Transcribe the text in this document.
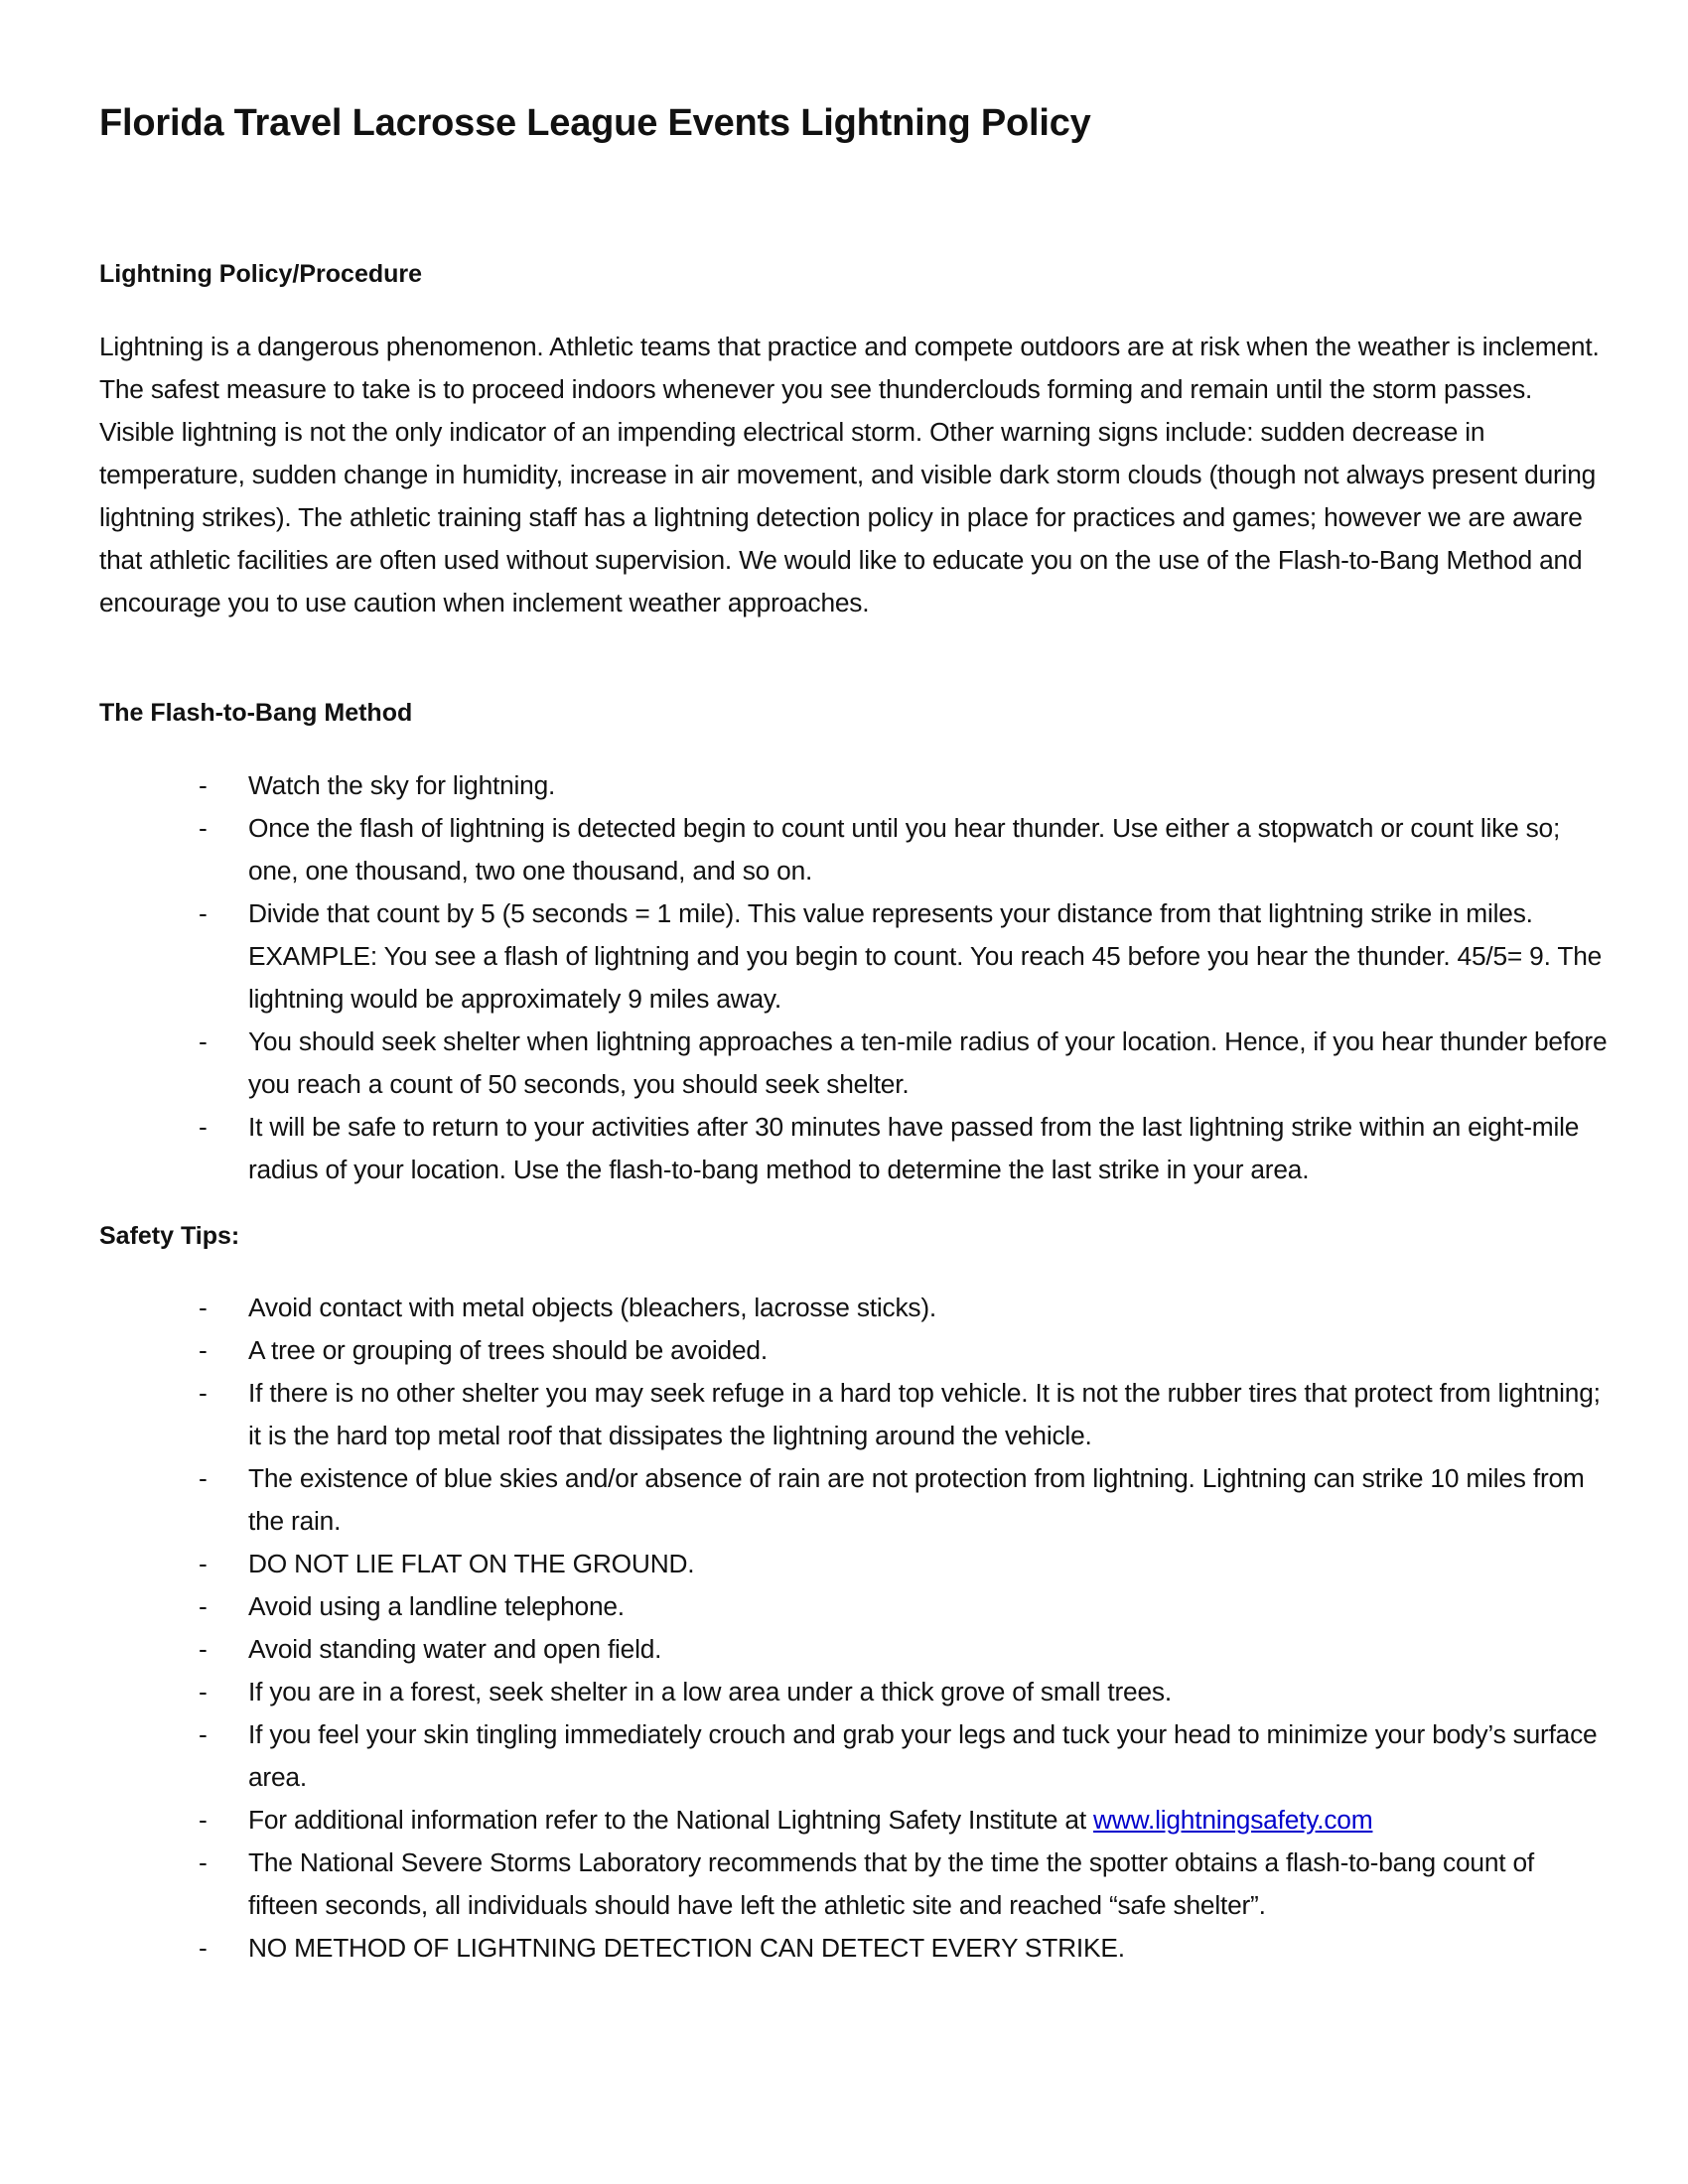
Florida Travel Lacrosse League Events Lightning Policy
Lightning Policy/Procedure

Lightning is a dangerous phenomenon. Athletic teams that practice and compete outdoors are at risk when the weather is inclement. The safest measure to take is to proceed indoors whenever you see thunderclouds forming and remain until the storm passes. Visible lightning is not the only indicator of an impending electrical storm. Other warning signs include: sudden decrease in temperature, sudden change in humidity, increase in air movement, and visible dark storm clouds (though not always present during lightning strikes). The athletic training staff has a lightning detection policy in place for practices and games; however we are aware that athletic facilities are often used without supervision. We would like to educate you on the use of the Flash-to-Bang Method and encourage you to use caution when inclement weather approaches.

The Flash-to-Bang Method
- Watch the sky for lightning.
- Once the flash of lightning is detected begin to count until you hear thunder. Use either a stopwatch or count like so; one, one thousand, two one thousand, and so on.
- Divide that count by 5 (5 seconds = 1 mile). This value represents your distance from that lightning strike in miles. EXAMPLE: You see a flash of lightning and you begin to count. You reach 45 before you hear the thunder. 45/5= 9. The lightning would be approximately 9 miles away.
- You should seek shelter when lightning approaches a ten-mile radius of your location. Hence, if you hear thunder before you reach a count of 50 seconds, you should seek shelter.
- It will be safe to return to your activities after 30 minutes have passed from the last lightning strike within an eight-mile radius of your location. Use the flash-to-bang method to determine the last strike in your area.
Safety Tips:
- Avoid contact with metal objects (bleachers, lacrosse sticks).
- A tree or grouping of trees should be avoided.
- If there is no other shelter you may seek refuge in a hard top vehicle. It is not the rubber tires that protect from lightning; it is the hard top metal roof that dissipates the lightning around the vehicle.
- The existence of blue skies and/or absence of rain are not protection from lightning. Lightning can strike 10 miles from the rain.
- DO NOT LIE FLAT ON THE GROUND.
- Avoid using a landline telephone.
- Avoid standing water and open field.
- If you are in a forest, seek shelter in a low area under a thick grove of small trees.
- If you feel your skin tingling immediately crouch and grab your legs and tuck your head to minimize your body’s surface area.
- For additional information refer to the National Lightning Safety Institute at www.lightningsafety.com
- The National Severe Storms Laboratory recommends that by the time the spotter obtains a flash-to-bang count of fifteen seconds, all individuals should have left the athletic site and reached “safe shelter”.
- NO METHOD OF LIGHTNING DETECTION CAN DETECT EVERY STRIKE.
